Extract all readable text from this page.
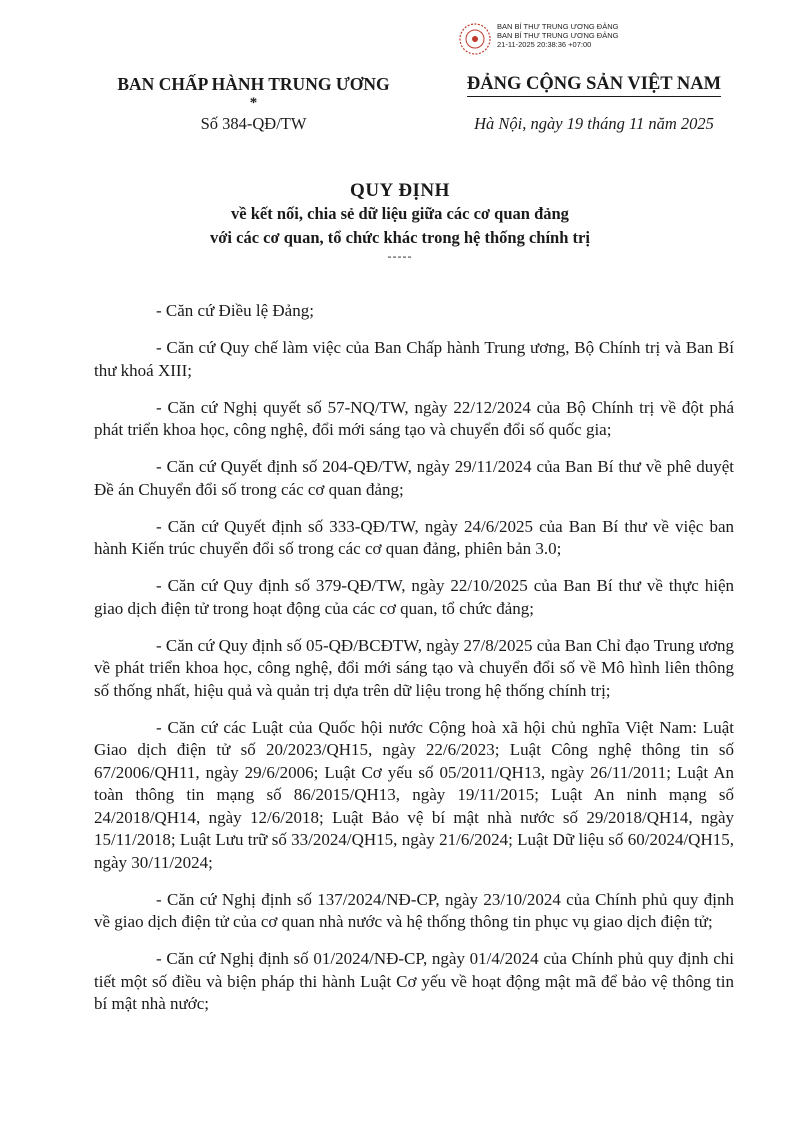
BAN BÍ THƯ TRUNG ƯƠNG ĐẢNG
BAN BÍ THƯ TRUNG ƯƠNG ĐẢNG
21-11-2025 20:38:36 +07:00
BAN CHẤP HÀNH TRUNG ƯƠNG
*
Số 384-QĐ/TW
ĐẢNG CỘNG SẢN VIỆT NAM
Hà Nội, ngày 19 tháng 11 năm 2025
QUY ĐỊNH
về kết nối, chia sẻ dữ liệu giữa các cơ quan đảng
với các cơ quan, tổ chức khác trong hệ thống chính trị
-----

- Căn cứ Điều lệ Đảng;

- Căn cứ Quy chế làm việc của Ban Chấp hành Trung ương, Bộ Chính trị và Ban Bí thư khoá XIII;

- Căn cứ Nghị quyết số 57-NQ/TW, ngày 22/12/2024 của Bộ Chính trị về đột phá phát triển khoa học, công nghệ, đổi mới sáng tạo và chuyển đổi số quốc gia;

- Căn cứ Quyết định số 204-QĐ/TW, ngày 29/11/2024 của Ban Bí thư về phê duyệt Đề án Chuyển đổi số trong các cơ quan đảng;

- Căn cứ Quyết định số 333-QĐ/TW, ngày 24/6/2025 của Ban Bí thư về việc ban hành Kiến trúc chuyển đổi số trong các cơ quan đảng, phiên bản 3.0;

- Căn cứ Quy định số 379-QĐ/TW, ngày 22/10/2025 của Ban Bí thư về thực hiện giao dịch điện tử trong hoạt động của các cơ quan, tổ chức đảng;

- Căn cứ Quy định số 05-QĐ/BCĐTW, ngày 27/8/2025 của Ban Chỉ đạo Trung ương về phát triển khoa học, công nghệ, đổi mới sáng tạo và chuyển đổi số về Mô hình liên thông số thống nhất, hiệu quả và quản trị dựa trên dữ liệu trong hệ thống chính trị;

- Căn cứ các Luật của Quốc hội nước Cộng hoà xã hội chủ nghĩa Việt Nam: Luật Giao dịch điện tử số 20/2023/QH15, ngày 22/6/2023; Luật Công nghệ thông tin số 67/2006/QH11, ngày 29/6/2006; Luật Cơ yếu số 05/2011/QH13, ngày 26/11/2011; Luật An toàn thông tin mạng số 86/2015/QH13, ngày 19/11/2015; Luật An ninh mạng số 24/2018/QH14, ngày 12/6/2018; Luật Bảo vệ bí mật nhà nước số 29/2018/QH14, ngày 15/11/2018; Luật Lưu trữ số 33/2024/QH15, ngày 21/6/2024; Luật Dữ liệu số 60/2024/QH15, ngày 30/11/2024;

- Căn cứ Nghị định số 137/2024/NĐ-CP, ngày 23/10/2024 của Chính phủ quy định về giao dịch điện tử của cơ quan nhà nước và hệ thống thông tin phục vụ giao dịch điện tử;

- Căn cứ Nghị định số 01/2024/NĐ-CP, ngày 01/4/2024 của Chính phủ quy định chi tiết một số điều và biện pháp thi hành Luật Cơ yếu về hoạt động mật mã để bảo vệ thông tin bí mật nhà nước;
